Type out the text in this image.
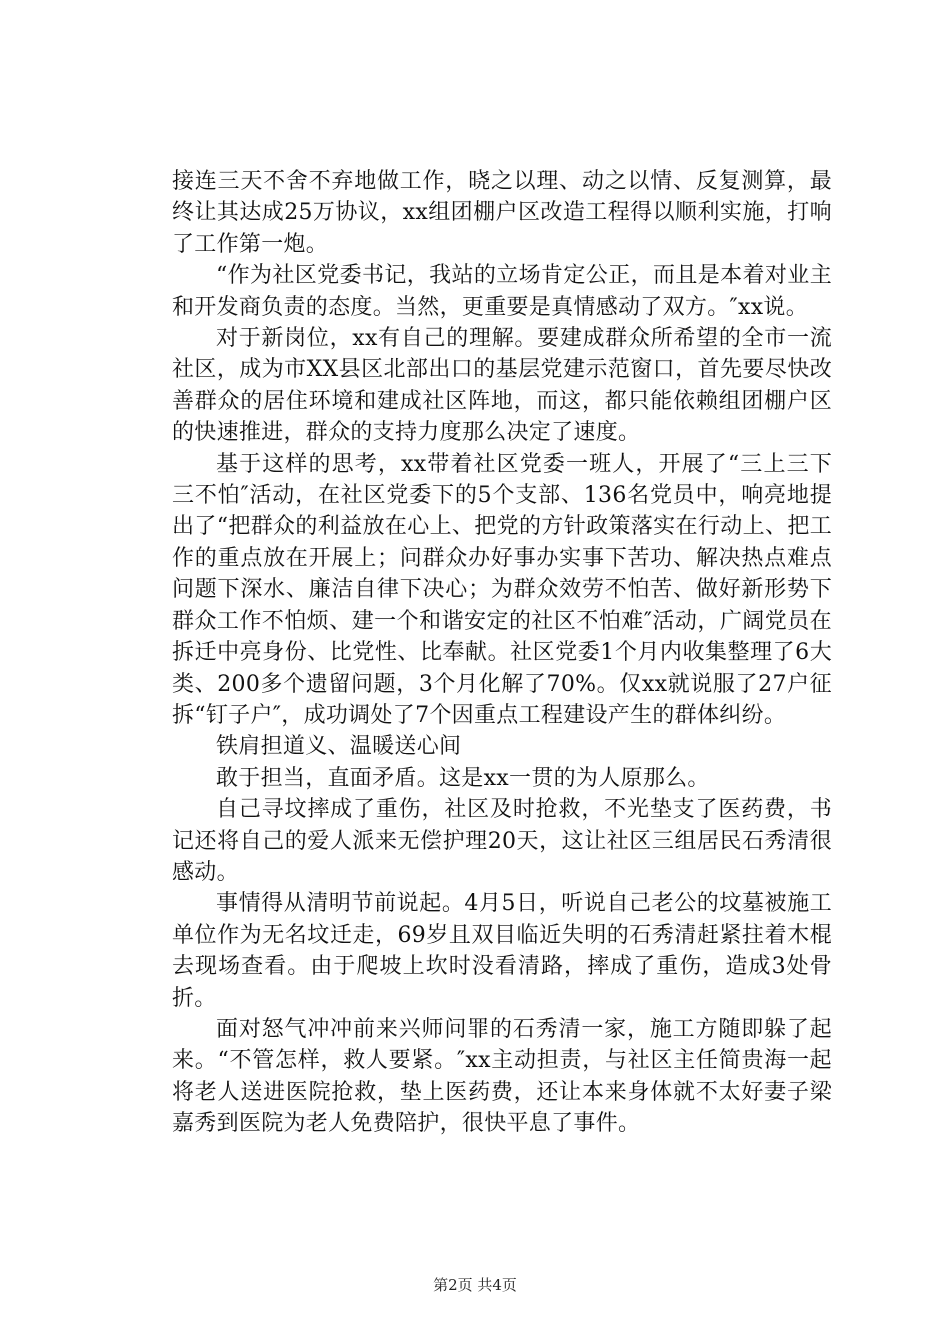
接连三天不舍不弃地做工作，晓之以理、动之以情、反复测算，最终让其达成25万协议，xx组团棚户区改造工程得以顺利实施，打响了工作第一炮。

“作为社区党委书记，我站的立场肯定公正，而且是本着对业主和开发商负责的态度。当然，更重要是真情感动了双方。″xx说。

对于新岗位，xx有自己的理解。要建成群众所希望的全市一流社区，成为市XX县区北部出口的基层党建示范窗口，首先要尽快改善群众的居住环境和建成社区阵地，而这，都只能依赖组团棚户区的快速推进，群众的支持力度那么决定了速度。

基于这样的思考，xx带着社区党委一班人，开展了“三上三下三不怕″活动，在社区党委下的5个支部、136名党员中，响亮地提出了“把群众的利益放在心上、把党的方针政策落实在行动上、把工作的重点放在开展上；问群众办好事办实事下苦功、解决热点难点问题下深水、廉洁自律下决心；为群众效劳不怕苦、做好新形势下群众工作不怕烦、建一个和谐安定的社区不怕难″活动，广阔党员在拆迁中亮身份、比党性、比奉献。社区党委1个月内收集整理了6大类、200多个遗留问题，3个月化解了70%。仅xx就说服了27户征拆“钉子户″，成功调处了7个因重点工程建设产生的群体纠纷。

铁肩担道义、温暖送心间

敢于担当，直面矛盾。这是xx一贯的为人原那么。

自己寻坟摔成了重伤，社区及时抢救，不光垫支了医药费，书记还将自己的爱人派来无偿护理20天，这让社区三组居民石秀清很感动。

事情得从清明节前说起。4月5日，听说自己老公的坟墓被施工单位作为无名坟迁走，69岁且双目临近失明的石秀清赶紧拄着木棍去现场查看。由于爬坡上坎时没看清路，摔成了重伤，造成3处骨折。

面对怒气冲冲前来兴师问罪的石秀清一家，施工方随即躲了起来。“不管怎样，救人要紧。″xx主动担责，与社区主任简贵海一起将老人送进医院抢救，垫上医药费，还让本来身体就不太好妻子梁嘉秀到医院为老人免费陪护，很快平息了事件。

第2页 共4页
